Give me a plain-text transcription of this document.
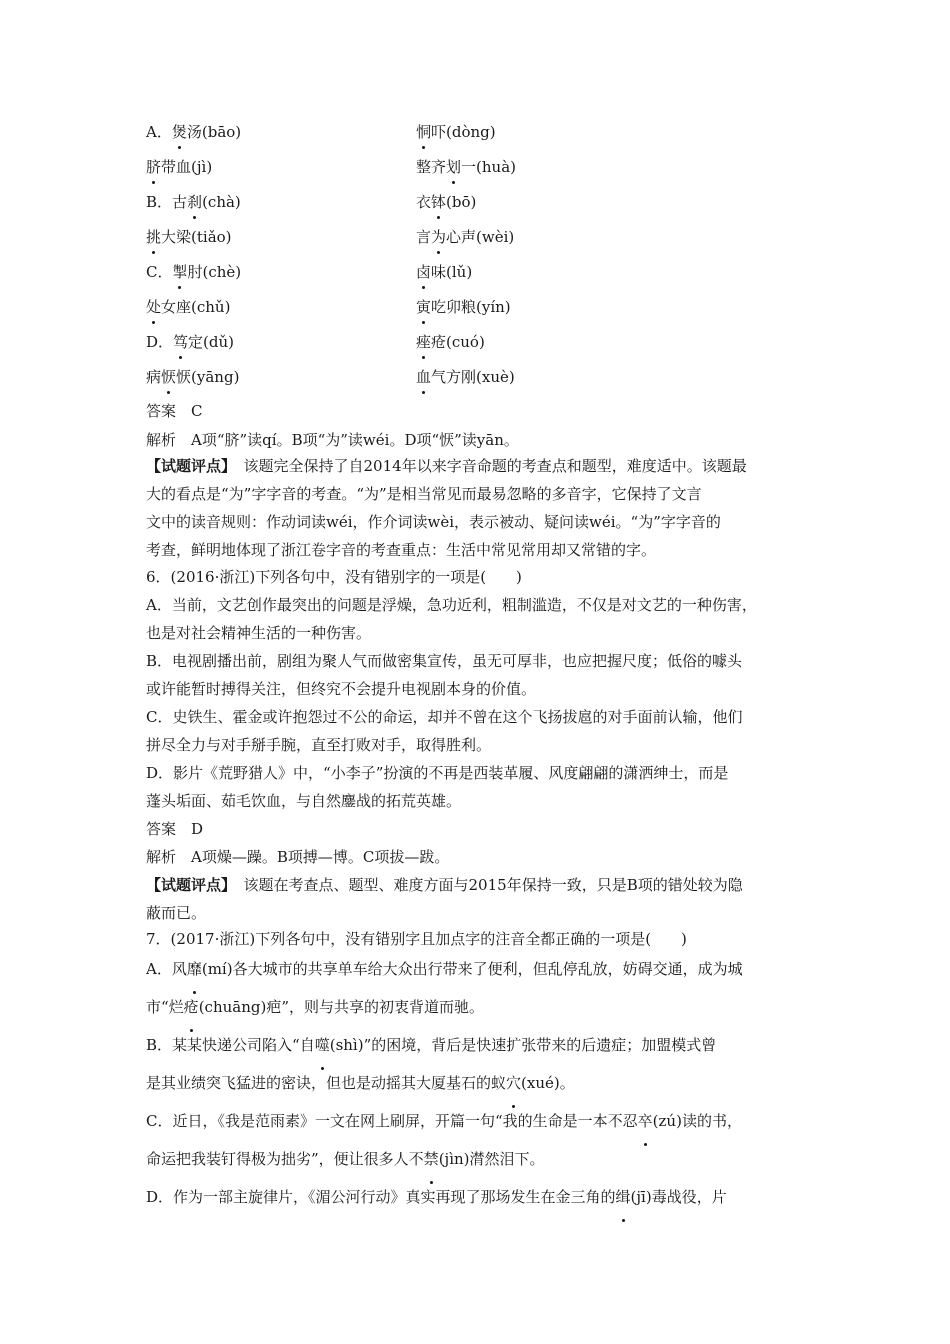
A．煲汤(bāo)	恫吓(dòng)
脐带血(jì)	整齐划一(huà)
B．古刹(chà)	衣钵(bō)
挑大梁(tiǎo)	言为心声(wèi)
C．掣肘(chè)	卤味(lǔ)
处女座(chǔ)	寅吃卯粮(yín)
D．笃定(dǔ)	痤疮(cuó)
病恹恹(yāng)	血气方刚(xuè)
答案　C
解析　A项“脐”读qí。B项“为”读wéi。D项“恹”读yān。
【试题评点】　该题完全保持了自2014年以来字音命题的考查点和题型，难度适中。该题最
大的看点是“为”字字音的考查。“为”是相当常见而最易忽略的多音字，它保持了文言
文中的读音规则：作动词读wéi，作介词读wèi，表示被动、疑问读wéi。“为”字字音的
考查，鲜明地体现了浙江卷字音的考查重点：生活中常见常用却又常错的字。
6．(2016·浙江)下列各句中，没有错别字的一项是(　　)
A．当前，文艺创作最突出的问题是浮燥，急功近利，粗制滥造，不仅是对文艺的一种伤害，
也是对社会精神生活的一种伤害。
B．电视剧播出前，剧组为聚人气而做密集宣传，虽无可厚非，也应把握尺度；低俗的噱头
或许能暂时搏得关注，但终究不会提升电视剧本身的价值。
C．史铁生、霍金或许抱怨过不公的命运，却并不曾在这个飞扬拔扈的对手面前认输，他们
拼尽全力与对手掰手腕，直至打败对手，取得胜利。
D．影片《荒野猎人》中，“小李子”扮演的不再是西装革履、风度翩翩的潇洒绅士，而是
蓬头垢面、茹毛饮血，与自然鏖战的拓荒英雄。
答案　D
解析　A项燥—躁。B项搏—博。C项拔—跋。
【试题评点】　该题在考查点、题型、难度方面与2015年保持一致，只是B项的错处较为隐
蔽而已。
7．(2017·浙江)下列各句中，没有错别字且加点字的注音全都正确的一项是(　　)
A．风靡(mí)各大城市的共享单车给大众出行带来了便利，但乱停乱放，妨碍交通，成为城
市“烂疮(chuāng)疤”，则与共享的初衷背道而驰。
B．某某快递公司陷入“自噬(shì)”的困境，背后是快速扩张带来的后遗症；加盟模式曾
是其业绩突飞猛进的密诀，但也是动摇其大厦基石的蚁穴(xué)。
C．近日，《我是范雨素》一文在网上刷屏，开篇一句“我的生命是一本不忍卒(zú)读的书，
命运把我装钉得极为拙劣”，便让很多人不禁(jìn)潸然泪下。
D．作为一部主旋律片，《湄公河行动》真实再现了那场发生在金三角的缉(jī)毒战役，片
